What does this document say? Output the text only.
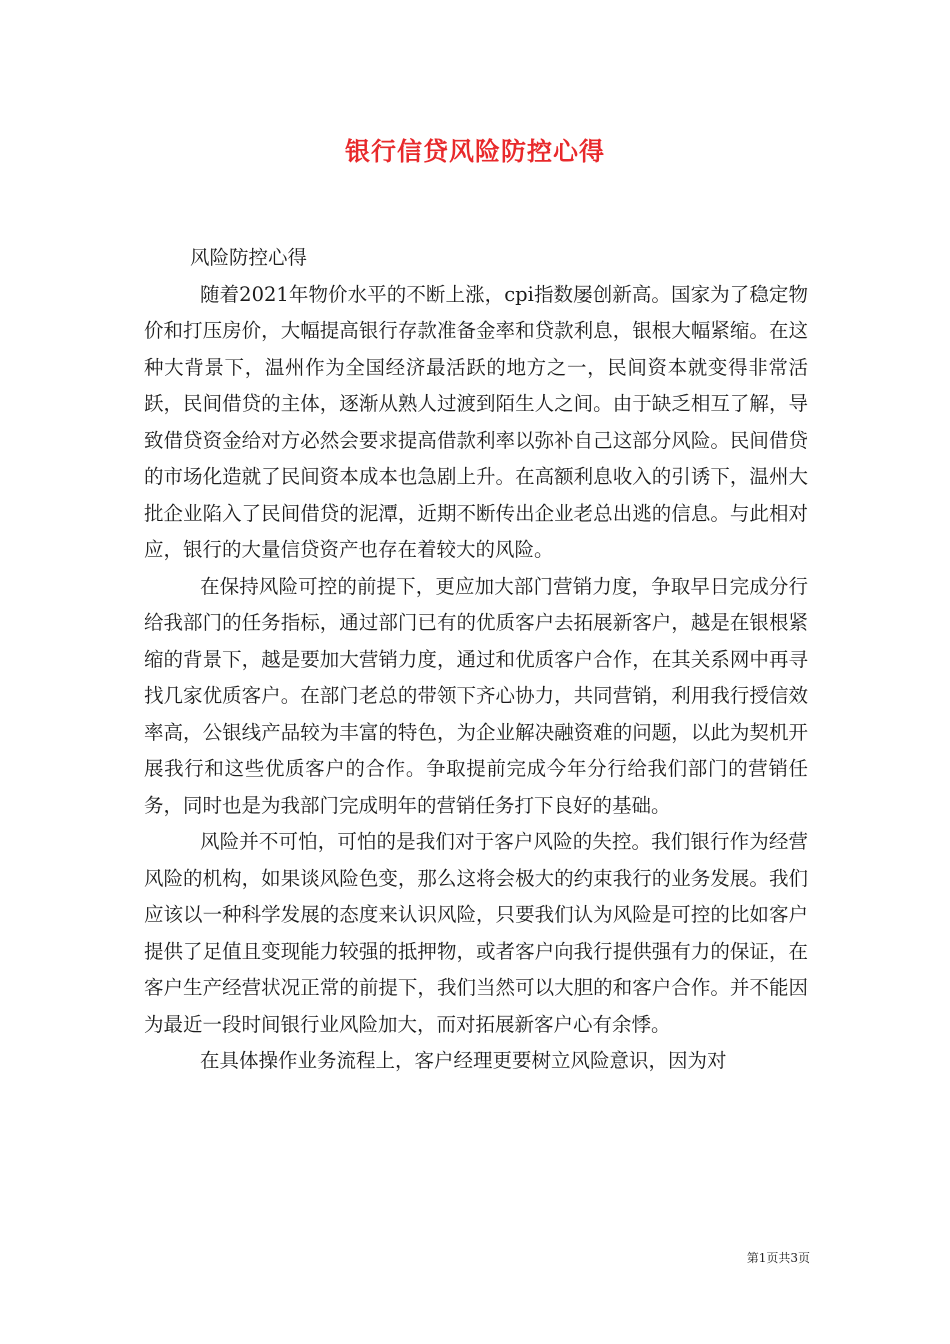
银行信贷风险防控心得

风险防控心得

随着2021年物价水平的不断上涨，cpi指数屡创新高。国家为了稳定物价和打压房价，大幅提高银行存款准备金率和贷款利息，银根大幅紧缩。在这种大背景下，温州作为全国经济最活跃的地方之一，民间资本就变得非常活跃，民间借贷的主体，逐渐从熟人过渡到陌生人之间。由于缺乏相互了解，导致借贷资金给对方必然会要求提高借款利率以弥补自己这部分风险。民间借贷的市场化造就了民间资本成本也急剧上升。在高额利息收入的引诱下，温州大批企业陷入了民间借贷的泥潭，近期不断传出企业老总出逃的信息。与此相对应，银行的大量信贷资产也存在着较大的风险。

在保持风险可控的前提下，更应加大部门营销力度，争取早日完成分行给我部门的任务指标，通过部门已有的优质客户去拓展新客户，越是在银根紧缩的背景下，越是要加大营销力度，通过和优质客户合作，在其关系网中再寻找几家优质客户。在部门老总的带领下齐心协力，共同营销，利用我行授信效率高，公银线产品较为丰富的特色，为企业解决融资难的问题，以此为契机开展我行和这些优质客户的合作。争取提前完成今年分行给我们部门的营销任务，同时也是为我部门完成明年的营销任务打下良好的基础。

风险并不可怕，可怕的是我们对于客户风险的失控。我们银行作为经营风险的机构，如果谈风险色变，那么这将会极大的约束我行的业务发展。我们应该以一种科学发展的态度来认识风险，只要我们认为风险是可控的比如客户提供了足值且变现能力较强的抵押物，或者客户向我行提供强有力的保证，在客户生产经营状况正常的前提下，我们当然可以大胆的和客户合作。并不能因为最近一段时间银行业风险加大，而对拓展新客户心有余悸。

在具体操作业务流程上，客户经理更要树立风险意识，因为对

第1页共3页
